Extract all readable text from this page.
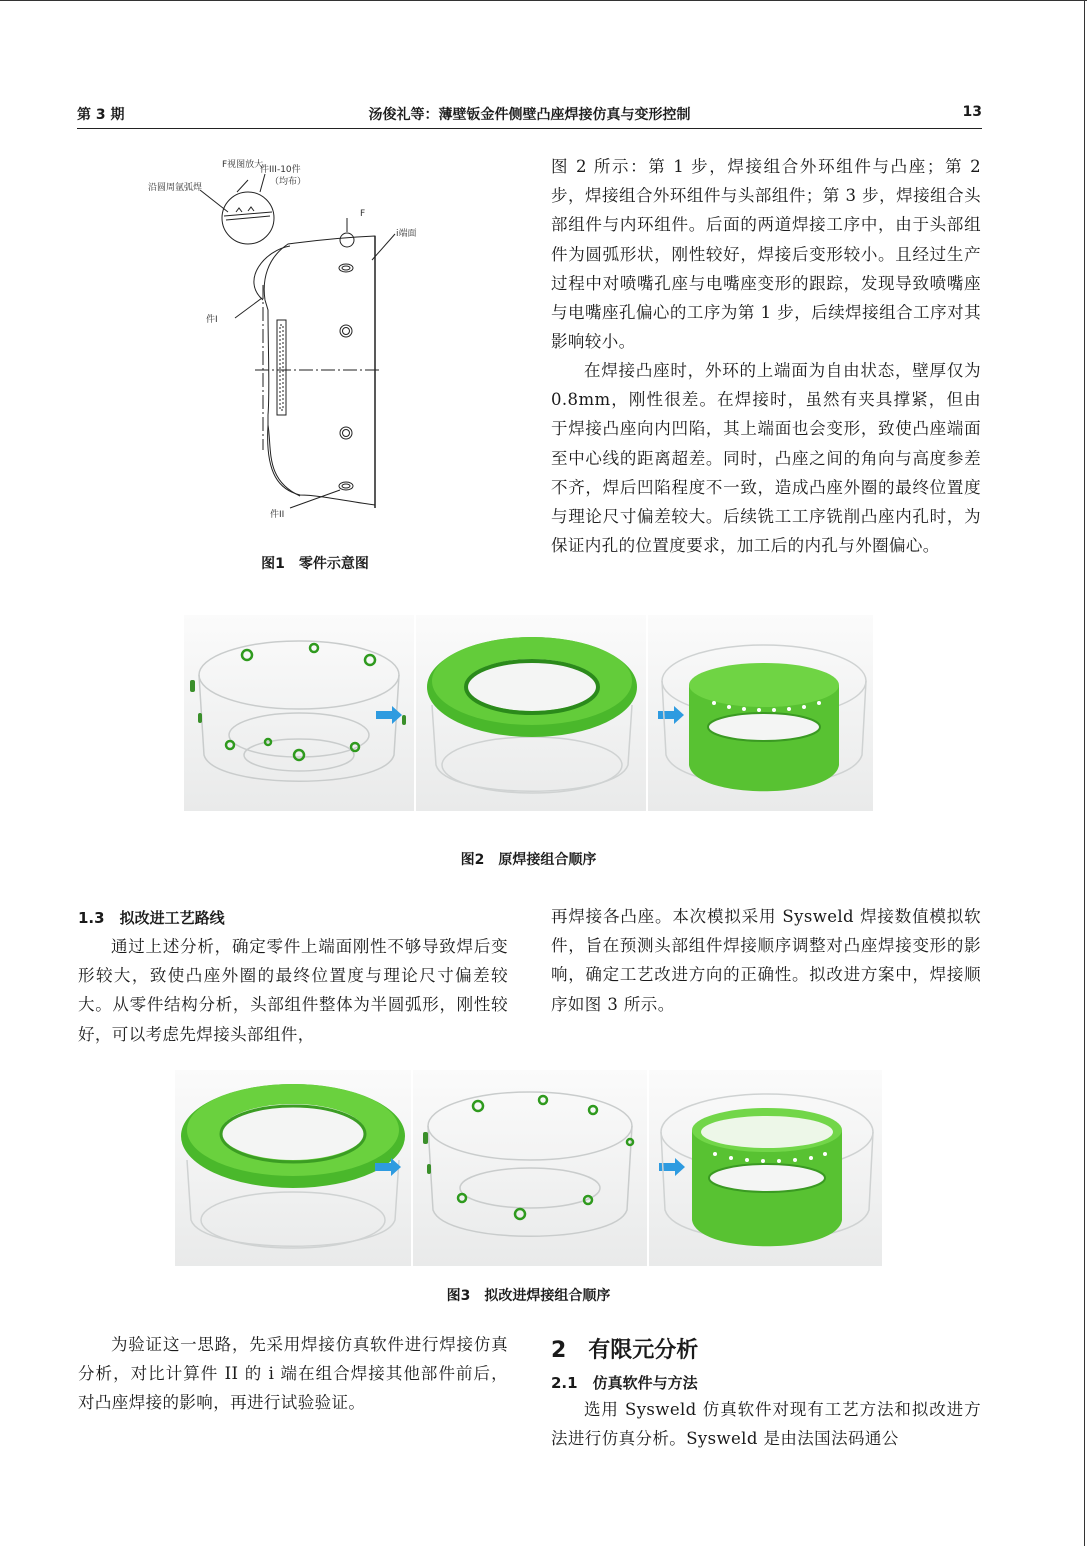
第 3 期	汤俊礼等：薄壁钣金件侧壁凸座焊接仿真与变形控制	13
F视图放大
件III-10件
（均布）
沿圆周氩弧焊
F
i端面
件I
件II
图1　零件示意图
图 2 所示：第 1 步，焊接组合外环组件与凸座；第 2 步，焊接组合外环组件与头部组件；第 3 步，焊接组合头部组件与内环组件。后面的两道焊接工序中，由于头部组件为圆弧形状，刚性较好，焊接后变形较小。且经过生产过程中对喷嘴孔座与电嘴座变形的跟踪，发现导致喷嘴座与电嘴座孔偏心的工序为第 1 步，后续焊接组合工序对其影响较小。
在焊接凸座时，外环的上端面为自由状态，壁厚仅为 0.8mm，刚性很差。在焊接时，虽然有夹具撑紧，但由于焊接凸座向内凹陷，其上端面也会变形，致使凸座端面至中心线的距离超差。同时，凸座之间的角向与高度参差不齐，焊后凹陷程度不一致，造成凸座外圈的最终位置度与理论尺寸偏差较大。后续铣工工序铣削凸座内孔时，为保证内孔的位置度要求，加工后的内孔与外圈偏心。
图2　原焊接组合顺序
1.3　拟改进工艺路线
通过上述分析，确定零件上端面刚性不够导致焊后变形较大，致使凸座外圈的最终位置度与理论尺寸偏差较大。从零件结构分析，头部组件整体为半圆弧形，刚性较好，可以考虑先焊接头部组件，
再焊接各凸座。本次模拟采用 Sysweld 焊接数值模拟软件，旨在预测头部组件焊接顺序调整对凸座焊接变形的影响，确定工艺改进方向的正确性。拟改进方案中，焊接顺序如图 3 所示。
图3　拟改进焊接组合顺序
为验证这一思路，先采用焊接仿真软件进行焊接仿真分析，对比计算件 II 的 i 端在组合焊接其他部件前后，对凸座焊接的影响，再进行试验验证。
2　有限元分析
2.1　仿真软件与方法
选用 Sysweld 仿真软件对现有工艺方法和拟改进方法进行仿真分析。Sysweld 是由法国法码通公
